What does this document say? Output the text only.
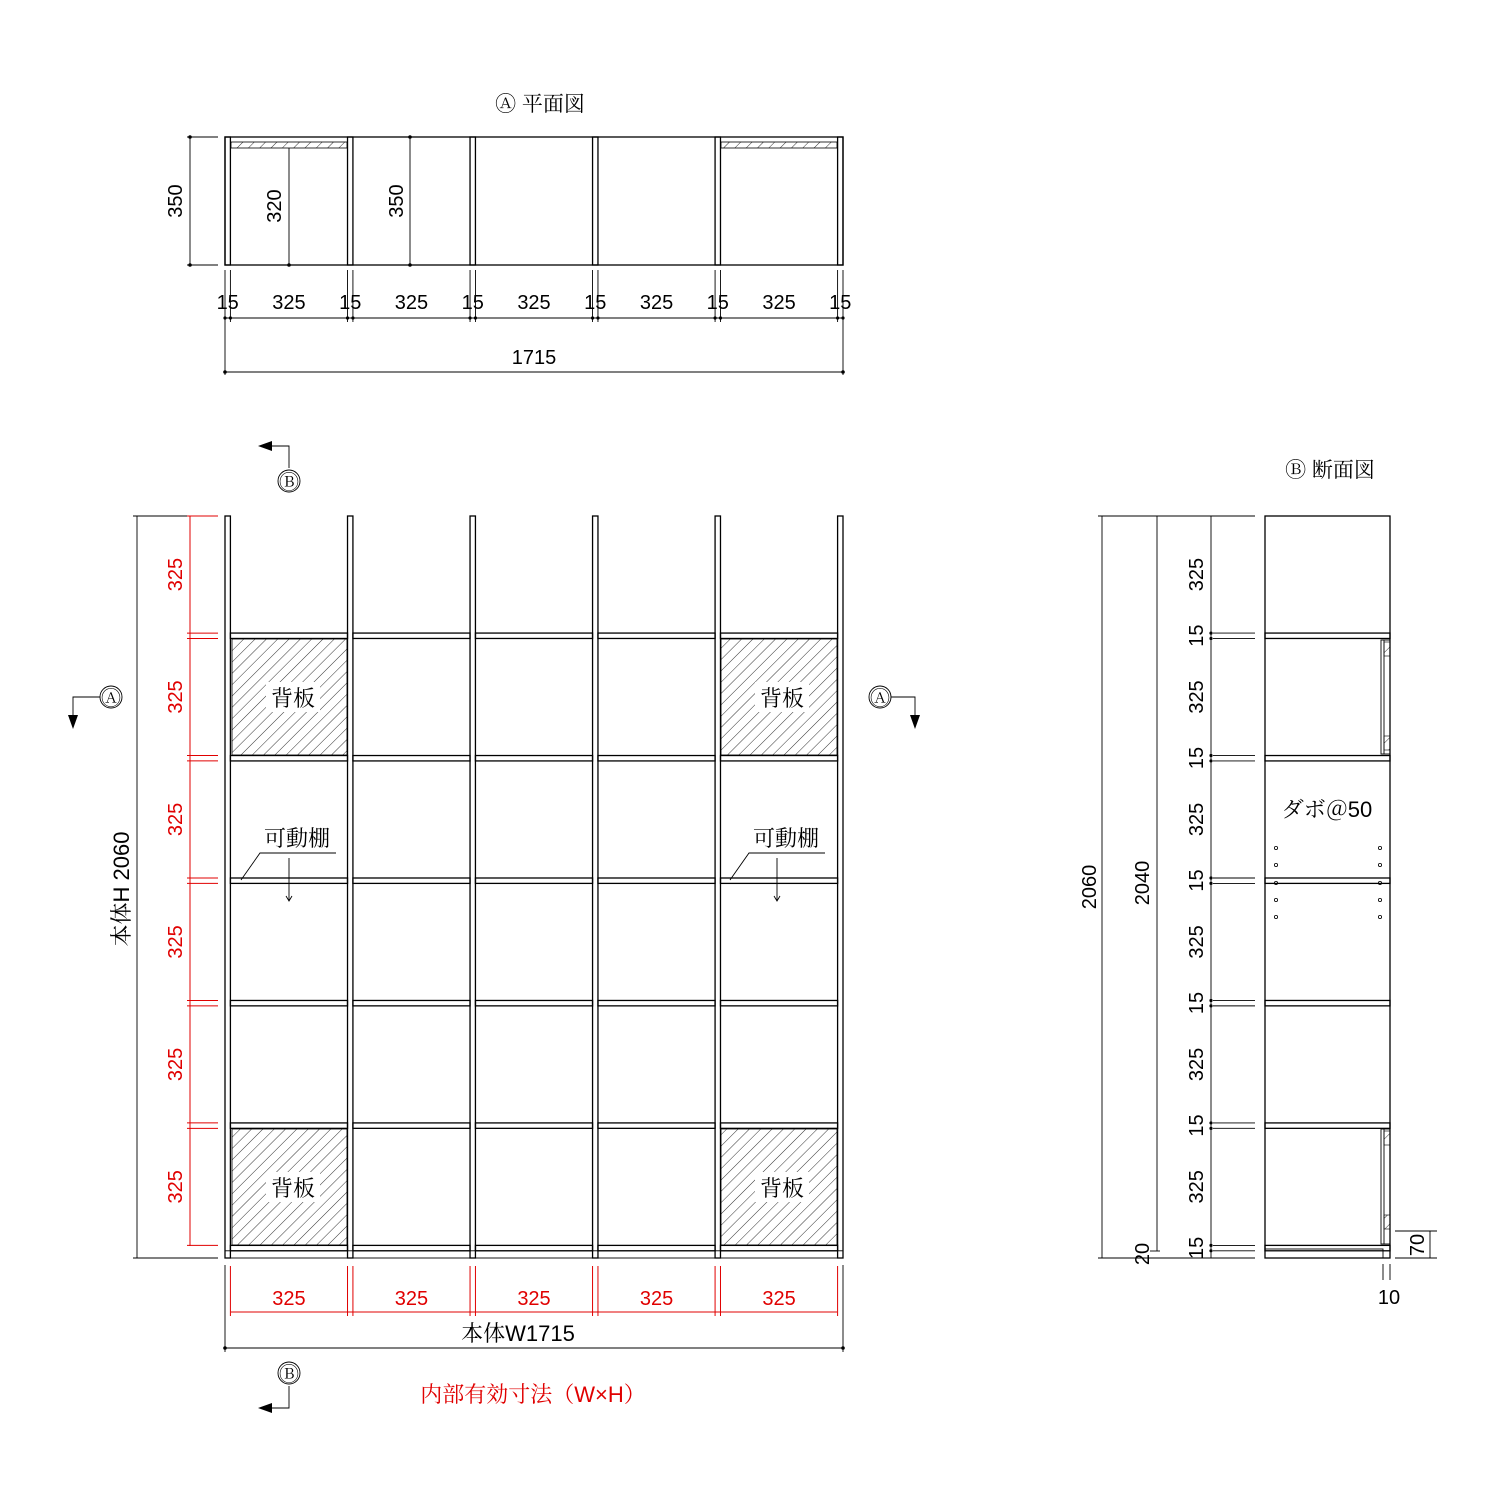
Ⓐ 平面図
350	320	350
15	15	15	15	15	15
325	325	325	325	325
1715
Ⓑ
Ⓑ
Ⓐ	Ⓐ
本体H 2060
325
325
325
325
325
325
背板	背板
背板	背板
可動棚	可動棚
325	325	325	325	325
本体W1715
内部有効寸法（W×H）
Ⓑ 断面図
2060 2040
20
15
15
15
15
15
15
325
325
325
325
325
325
ダボ＠50
70
10
